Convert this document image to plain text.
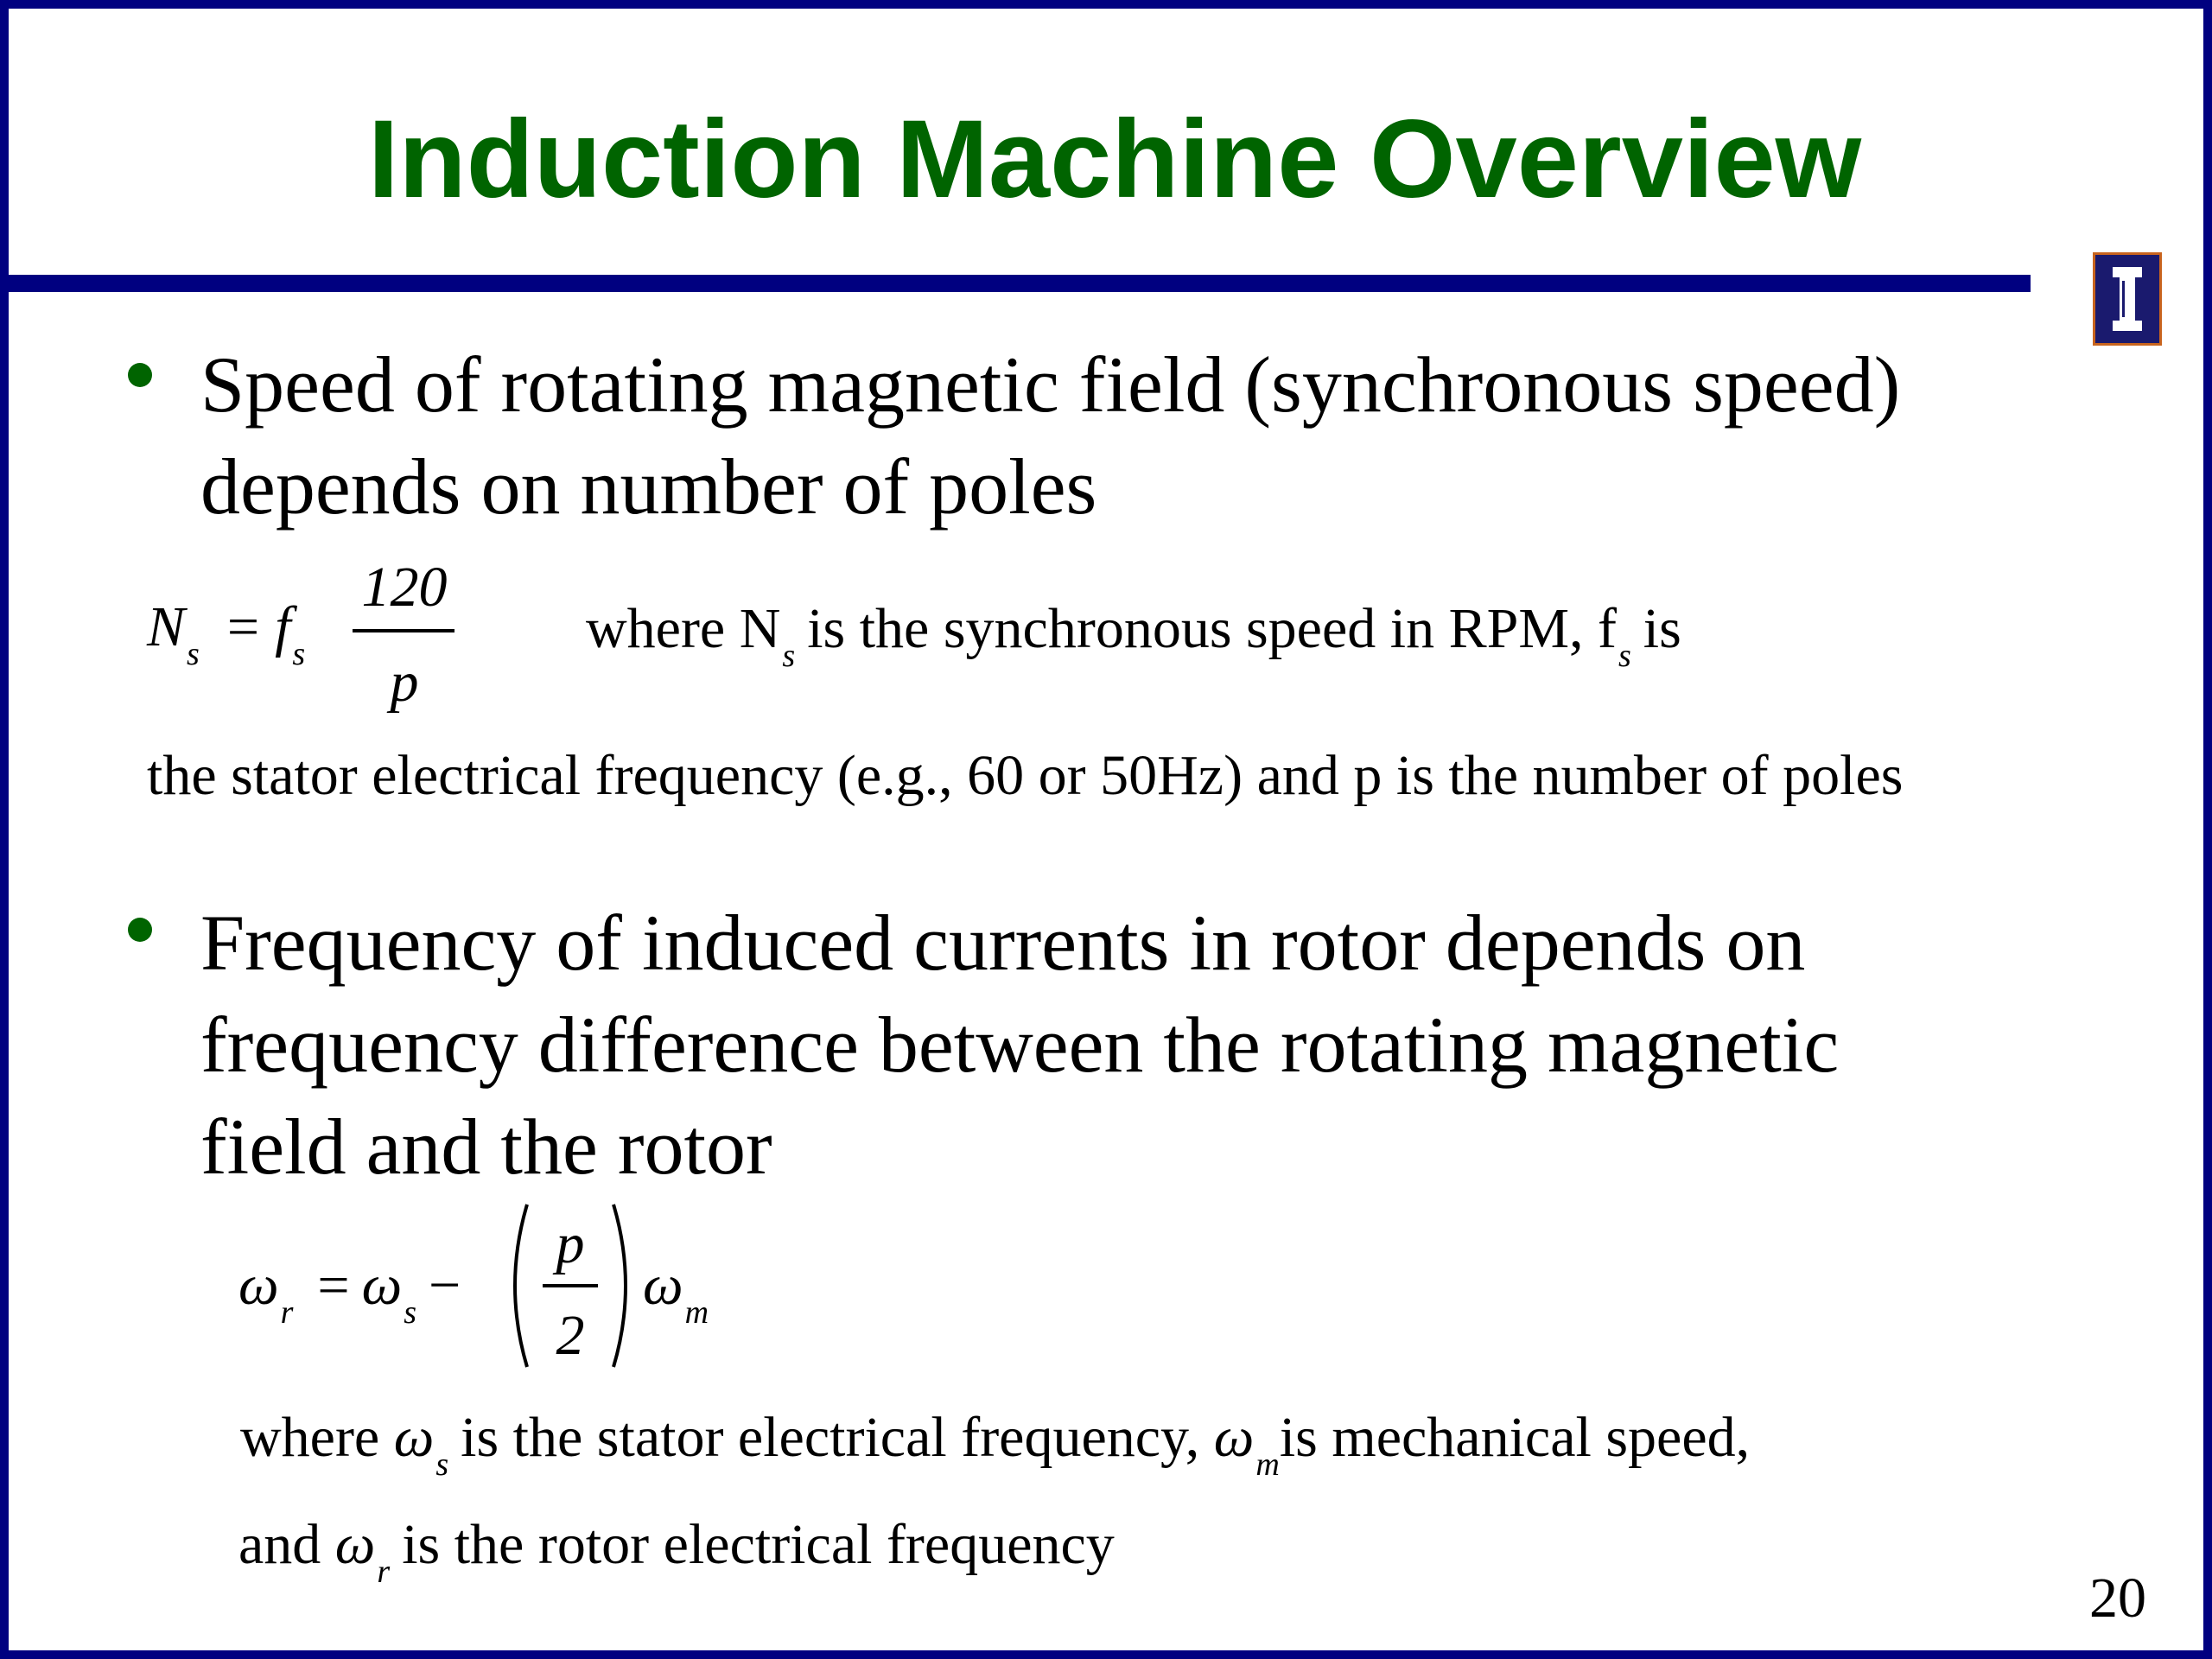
Induction Machine Overview
Speed of rotating magnetic field (synchronous speed)
depends on number of poles
$N_s = f_s$
120
p
where $N_s$ is the synchronous speed in RPM, $f_s$ is
the stator electrical frequency (e.g., 60 or 50Hz) and p is the number of poles
Frequency of induced currents in rotor depends on
frequency difference between the rotating magnetic
field and the rotor
$\omega_r = \omega_s$ −
p
2
$\omega_m$
where $\omega_s$ is the stator electrical frequency, $\omega_mis$ mechanical speed,
and $\omega_r$ is the rotor electrical frequency
20
